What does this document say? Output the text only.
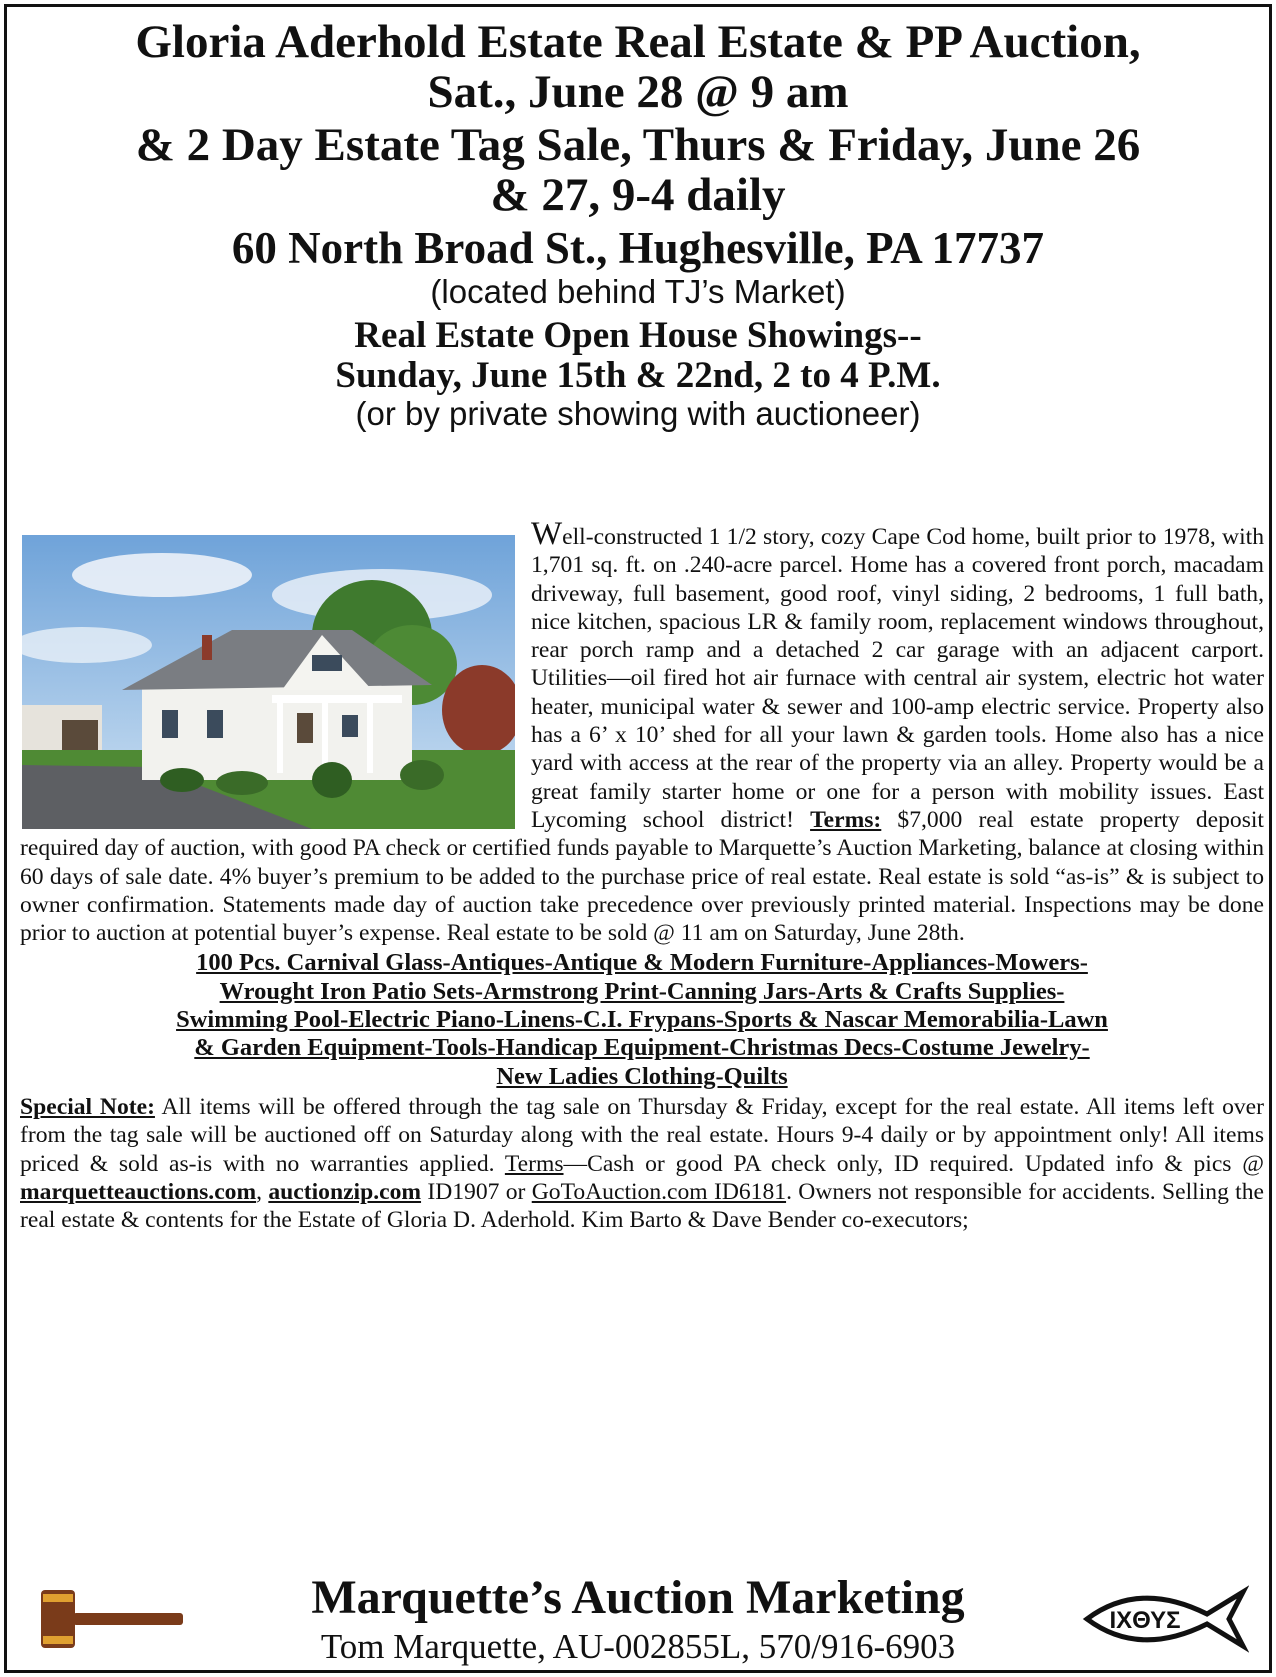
Gloria Aderhold Estate Real Estate & PP Auction,
Sat., June 28 @ 9 am
& 2 Day Estate Tag Sale, Thurs & Friday, June 26
& 27, 9-4 daily
60 North Broad St., Hughesville, PA 17737
(located behind TJ’s Market)
Real Estate Open House Showings--
Sunday, June 15th & 22nd, 2 to 4 P.M.
(or by private showing with auctioneer)
Well-constructed 1 1/2 story, cozy Cape Cod home, built prior to 1978, with 1,701 sq. ft. on .240-acre parcel. Home has a covered front porch, macadam driveway, full basement, good roof, vinyl siding, 2 bedrooms, 1 full bath, nice kitchen, spacious LR & family room, replacement windows throughout, rear porch ramp and a detached 2 car garage with an adjacent carport. Utilities—oil fired hot air furnace with central air system, electric hot water heater, municipal water & sewer and 100-amp electric service. Property also has a 6’ x 10’ shed for all your lawn & garden tools. Home also has a nice yard with access at the rear of the property via an alley. Property would be a great family starter home or one for a person with mobility issues. East Lycoming school district! Terms: $7,000 real estate property deposit required day of auction, with good PA check or certified funds payable to Marquette’s Auction Marketing, balance at closing within 60 days of sale date. 4% buyer’s premium to be added to the purchase price of real estate. Real estate is sold “as-is” & is subject to owner confirmation. Statements made day of auction take precedence over previously printed material. Inspections may be done prior to auction at potential buyer’s expense. Real estate to be sold @ 11 am on Saturday, June 28th.
100 Pcs. Carnival Glass-Antiques-Antique & Modern Furniture-Appliances-Mowers-
Wrought Iron Patio Sets-Armstrong Print-Canning Jars-Arts & Crafts Supplies-
Swimming Pool-Electric Piano-Linens-C.I. Frypans-Sports & Nascar Memorabilia-Lawn
& Garden Equipment-Tools-Handicap Equipment-Christmas Decs-Costume Jewelry-
New Ladies Clothing-Quilts
Special Note: All items will be offered through the tag sale on Thursday & Friday, except for the real estate. All items left over from the tag sale will be auctioned off on Saturday along with the real estate. Hours 9-4 daily or by appointment only! All items priced & sold as-is with no warranties applied. Terms—Cash or good PA check only, ID required. Updated info & pics @ marquetteauctions.com, auctionzip.com ID1907 or GoToAuction.com ID6181. Owners not responsible for accidents. Selling the real estate & contents for the Estate of Gloria D. Aderhold. Kim Barto & Dave Bender co-executors;
Marquette’s Auction Marketing
Tom Marquette, AU-002855L, 570/916-6903
ΙΧΘΥΣ
